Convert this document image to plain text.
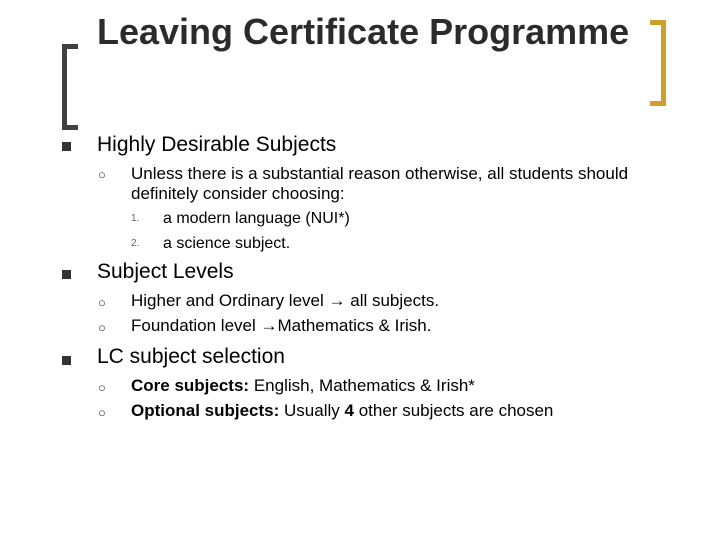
Leaving Certificate Programme
Highly Desirable Subjects
○ Unless there is a substantial reason otherwise, all students should definitely consider choosing:
1. a modern language (NUI*)
2. a science subject.
Subject Levels
○ Higher and Ordinary level → all subjects.
○ Foundation level →Mathematics & Irish.
LC subject selection
○ Core subjects: English, Mathematics & Irish*
○ Optional subjects: Usually 4 other subjects are chosen
